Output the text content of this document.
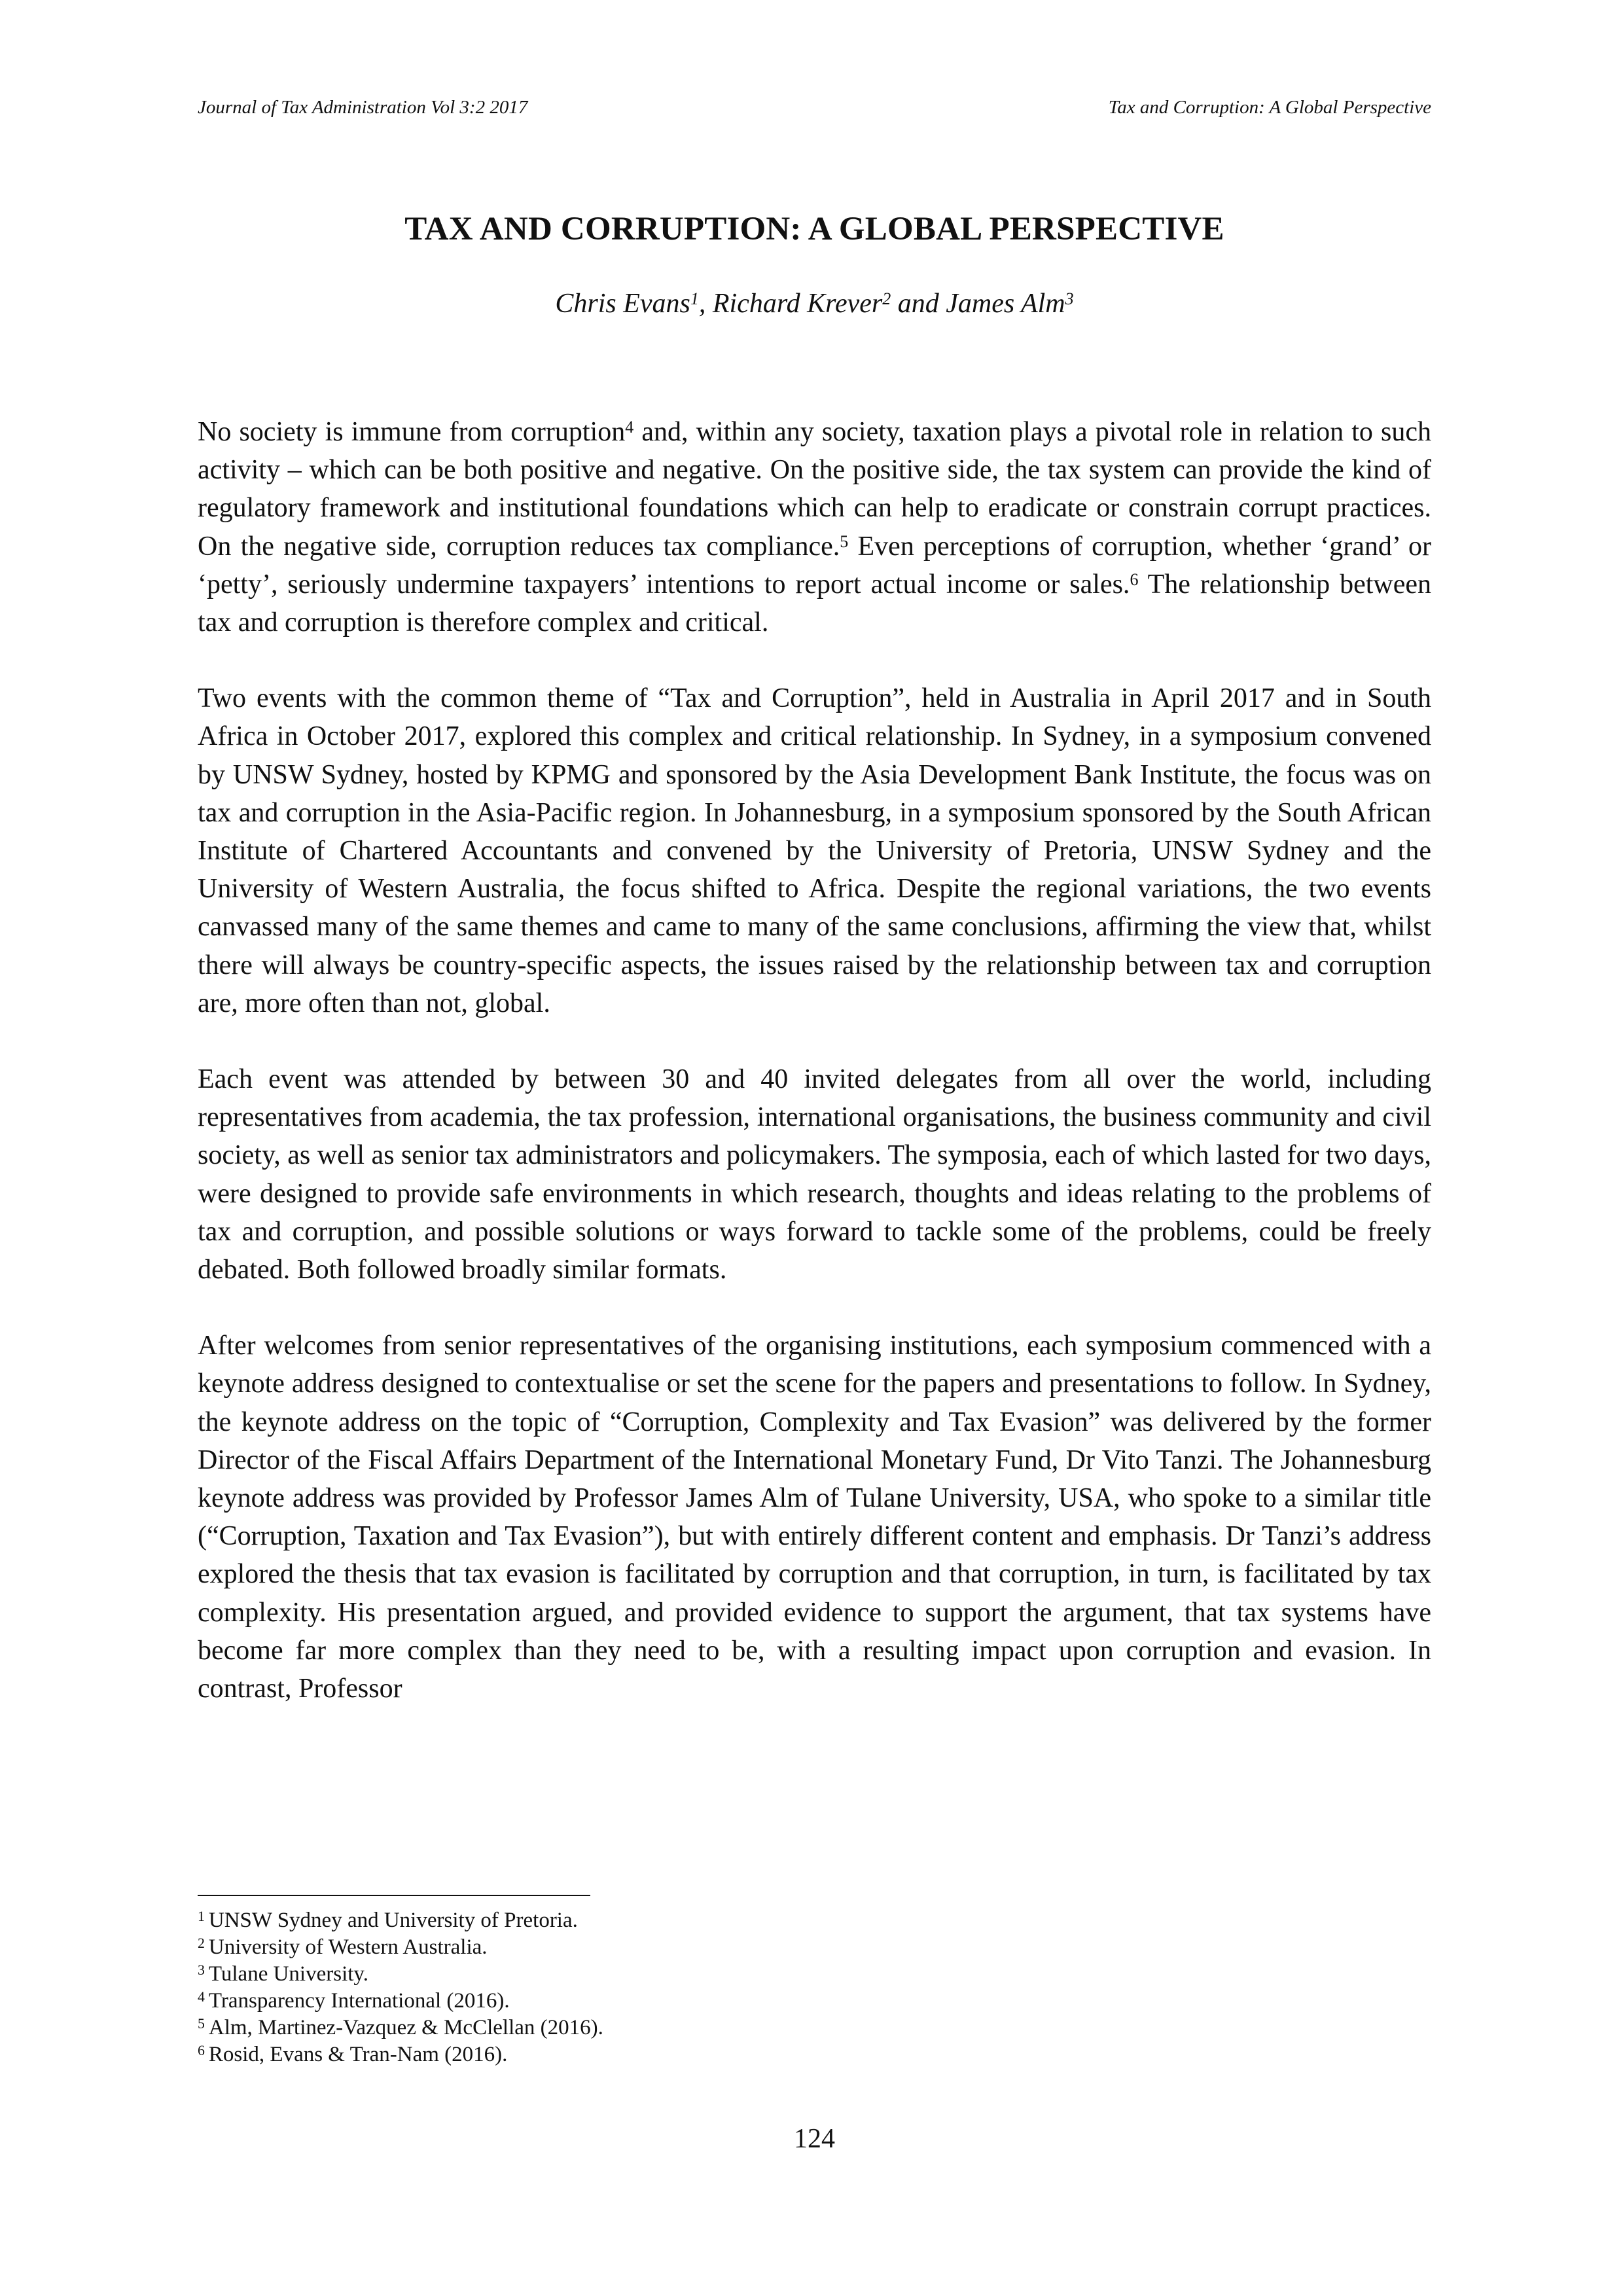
Journal of Tax Administration Vol 3:2 2017	Tax and Corruption: A Global Perspective
TAX AND CORRUPTION: A GLOBAL PERSPECTIVE
Chris Evans$^1$, Richard Krever$^2$ and James Alm$^3$

No society is immune from corruption$^4$ and, within any society, taxation plays a pivotal role in relation to such activity – which can be both positive and negative. On the positive side, the tax system can provide the kind of regulatory framework and institutional foundations which can help to eradicate or constrain corrupt practices. On the negative side, corruption reduces tax compliance.$^5$ Even perceptions of corruption, whether ‘grand’ or ‘petty’, seriously undermine taxpayers’ intentions to report actual income or sales.$^6$ The relationship between tax and corruption is therefore complex and critical.

Two events with the common theme of “Tax and Corruption”, held in Australia in April 2017 and in South Africa in October 2017, explored this complex and critical relationship. In Sydney, in a symposium convened by UNSW Sydney, hosted by KPMG and sponsored by the Asia Development Bank Institute, the focus was on tax and corruption in the Asia-Pacific region. In Johannesburg, in a symposium sponsored by the South African Institute of Chartered Accountants and convened by the University of Pretoria, UNSW Sydney and the University of Western Australia, the focus shifted to Africa. Despite the regional variations, the two events canvassed many of the same themes and came to many of the same conclusions, affirming the view that, whilst there will always be country-specific aspects, the issues raised by the relationship between tax and corruption are, more often than not, global.

Each event was attended by between 30 and 40 invited delegates from all over the world, including representatives from academia, the tax profession, international organisations, the business community and civil society, as well as senior tax administrators and policymakers. The symposia, each of which lasted for two days, were designed to provide safe environments in which research, thoughts and ideas relating to the problems of tax and corruption, and possible solutions or ways forward to tackle some of the problems, could be freely debated. Both followed broadly similar formats.

After welcomes from senior representatives of the organising institutions, each symposium commenced with a keynote address designed to contextualise or set the scene for the papers and presentations to follow. In Sydney, the keynote address on the topic of “Corruption, Complexity and Tax Evasion” was delivered by the former Director of the Fiscal Affairs Department of the International Monetary Fund, Dr Vito Tanzi. The Johannesburg keynote address was provided by Professor James Alm of Tulane University, USA, who spoke to a similar title (“Corruption, Taxation and Tax Evasion”), but with entirely different content and emphasis. Dr Tanzi’s address explored the thesis that tax evasion is facilitated by corruption and that corruption, in turn, is facilitated by tax complexity. His presentation argued, and provided evidence to support the argument, that tax systems have become far more complex than they need to be, with a resulting impact upon corruption and evasion. In contrast, Professor

$^1$ UNSW Sydney and University of Pretoria.
$^2$ University of Western Australia.
$^3$ Tulane University.
$^4$ Transparency International (2016).
$^5$ Alm, Martinez-Vazquez & McClellan (2016).
$^6$ Rosid, Evans & Tran-Nam (2016).
124
